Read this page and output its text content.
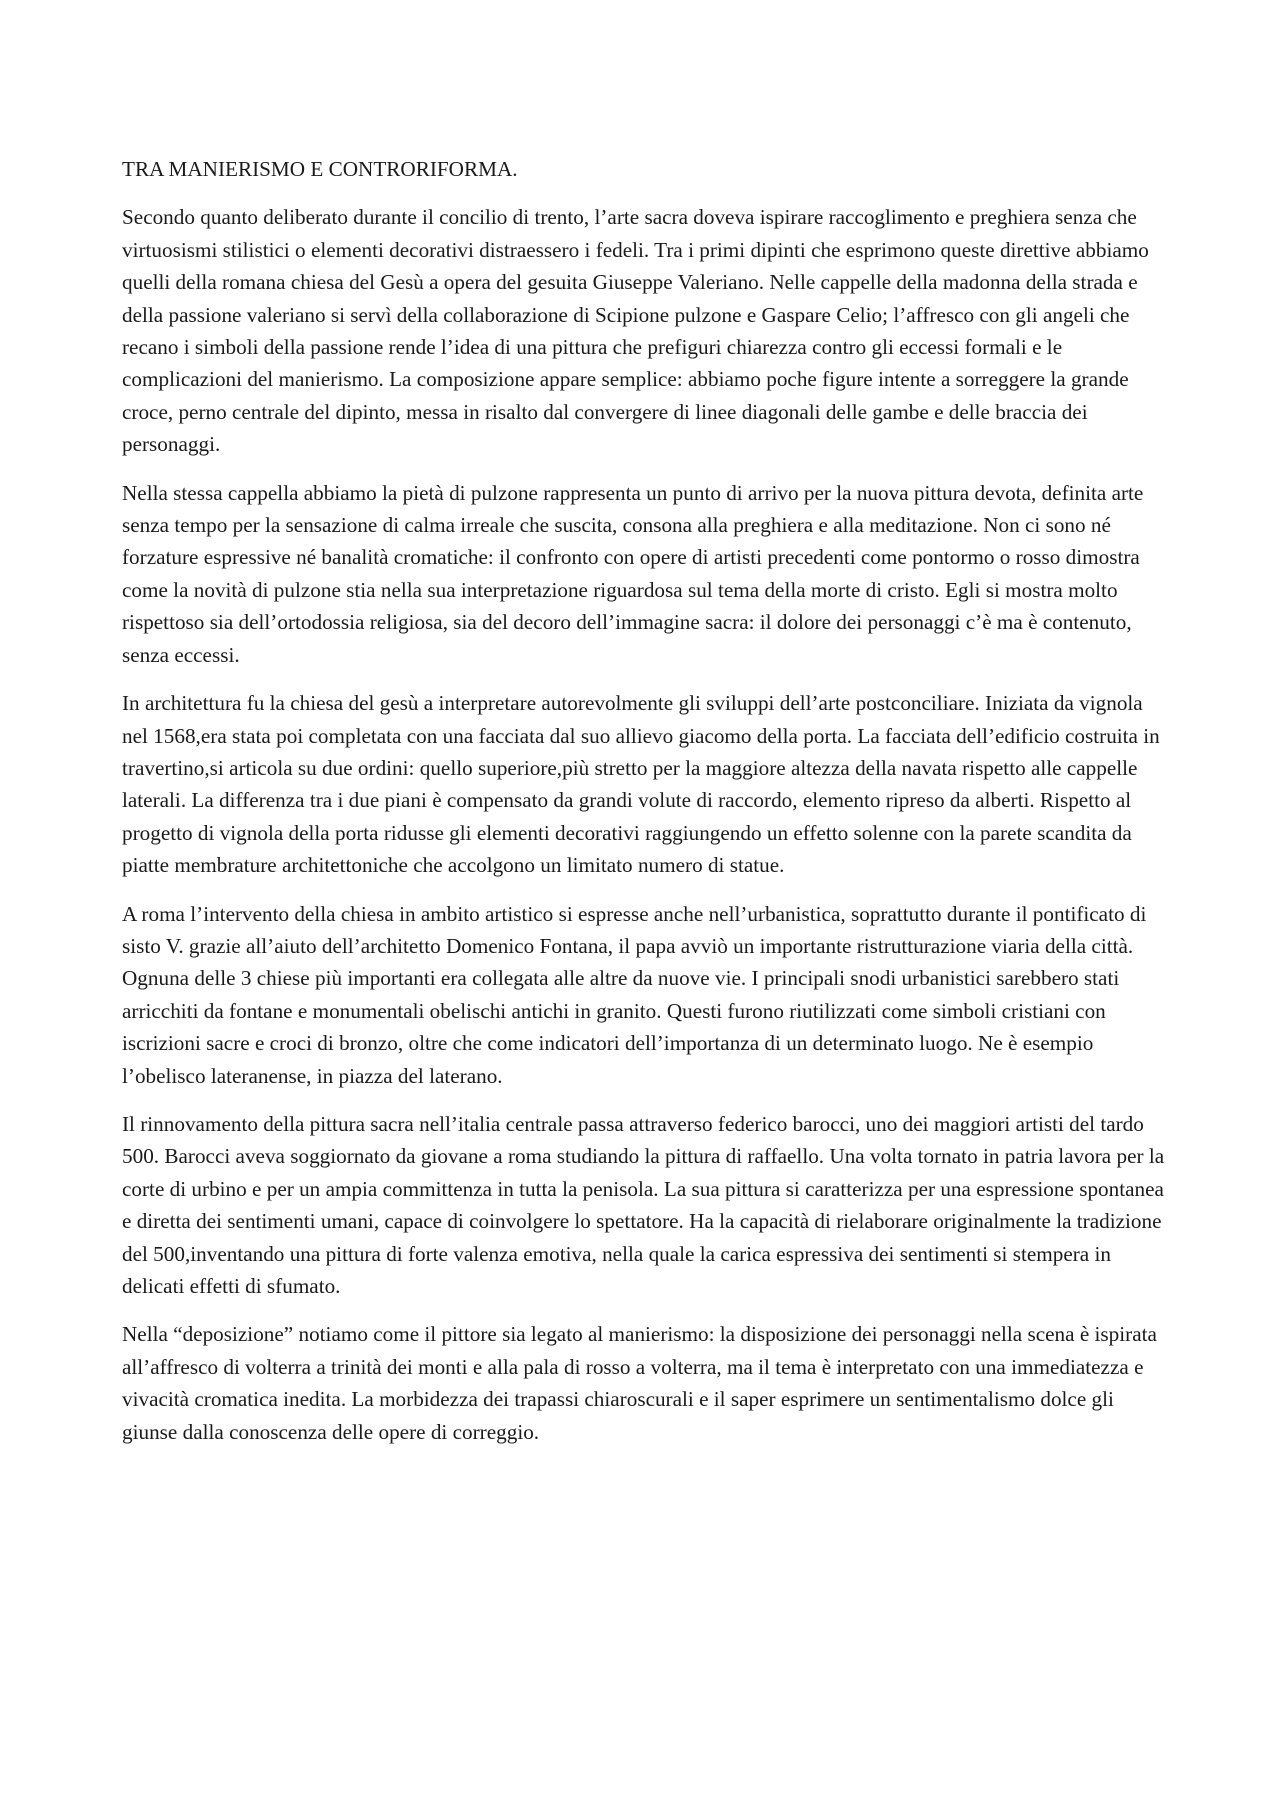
TRA MANIERISMO E CONTRORIFORMA.

Secondo quanto deliberato durante il concilio di trento, l’arte sacra doveva ispirare raccoglimento e preghiera senza che virtuosismi stilistici o elementi decorativi distraessero i fedeli. Tra i primi dipinti che esprimono queste direttive abbiamo quelli della romana chiesa del Gesù a opera del gesuita Giuseppe Valeriano. Nelle cappelle della madonna della strada e della passione valeriano si servì della collaborazione di Scipione pulzone e Gaspare Celio; l’affresco con gli angeli che recano i simboli della passione rende l’idea di una pittura che prefiguri chiarezza contro gli eccessi formali e le complicazioni del manierismo. La composizione appare semplice: abbiamo poche figure intente a sorreggere la grande croce, perno centrale del dipinto, messa in risalto dal convergere di linee diagonali delle gambe e delle braccia dei personaggi.

Nella stessa cappella abbiamo la pietà di pulzone rappresenta un punto di arrivo per la nuova pittura devota, definita arte senza tempo per la sensazione di calma irreale che suscita, consona alla preghiera e alla meditazione. Non ci sono né forzature espressive né banalità cromatiche: il confronto con opere di artisti precedenti come pontormo o rosso dimostra come la novità di pulzone stia nella sua interpretazione riguardosa sul tema della morte di cristo. Egli si mostra molto rispettoso sia dell’ortodossia religiosa, sia del decoro dell’immagine sacra: il dolore dei personaggi c’è ma è contenuto, senza eccessi.

In architettura fu la chiesa del gesù a interpretare autorevolmente gli sviluppi dell’arte postconciliare. Iniziata da vignola nel 1568,era stata poi completata con una facciata dal suo allievo giacomo della porta. La facciata dell’edificio costruita in travertino,si articola su due ordini: quello superiore,più stretto per la maggiore altezza della navata rispetto alle cappelle laterali. La differenza tra i due piani è compensato da grandi volute di raccordo, elemento ripreso da alberti. Rispetto al progetto di vignola della porta ridusse gli elementi decorativi raggiungendo un effetto solenne con la parete scandita da piatte membrature architettoniche che accolgono un limitato numero di statue.

A roma l’intervento della chiesa in ambito artistico si espresse anche nell’urbanistica, soprattutto durante il pontificato di sisto V. grazie all’aiuto dell’architetto Domenico Fontana, il papa avviò un importante ristrutturazione viaria della città. Ognuna delle 3 chiese più importanti era collegata alle altre da nuove vie. I principali snodi urbanistici sarebbero stati arricchiti da fontane e monumentali obelischi antichi in granito. Questi furono riutilizzati come simboli cristiani con iscrizioni sacre e croci di bronzo, oltre che come indicatori dell’importanza di un determinato luogo. Ne è esempio l’obelisco lateranense, in piazza del laterano.

Il rinnovamento della pittura sacra nell’italia centrale passa attraverso federico barocci, uno dei maggiori artisti del tardo 500. Barocci aveva soggiornato da giovane a roma studiando la pittura di raffaello. Una volta tornato in patria lavora per la corte di urbino e per un ampia committenza in tutta la penisola. La sua pittura si caratterizza per una espressione spontanea e diretta dei sentimenti umani, capace di coinvolgere lo spettatore. Ha la capacità di rielaborare originalmente la tradizione del 500,inventando una pittura di forte valenza emotiva, nella quale la carica espressiva dei sentimenti si stempera in delicati effetti di sfumato.

Nella “deposizione” notiamo come il pittore sia legato al manierismo: la disposizione dei personaggi nella scena è ispirata all’affresco di volterra a trinità dei monti e alla pala di rosso a volterra, ma il tema è interpretato con una immediatezza e vivacità cromatica inedita. La morbidezza dei trapassi chiaroscurali e il saper esprimere un sentimentalismo dolce gli giunse dalla conoscenza delle opere di correggio.
